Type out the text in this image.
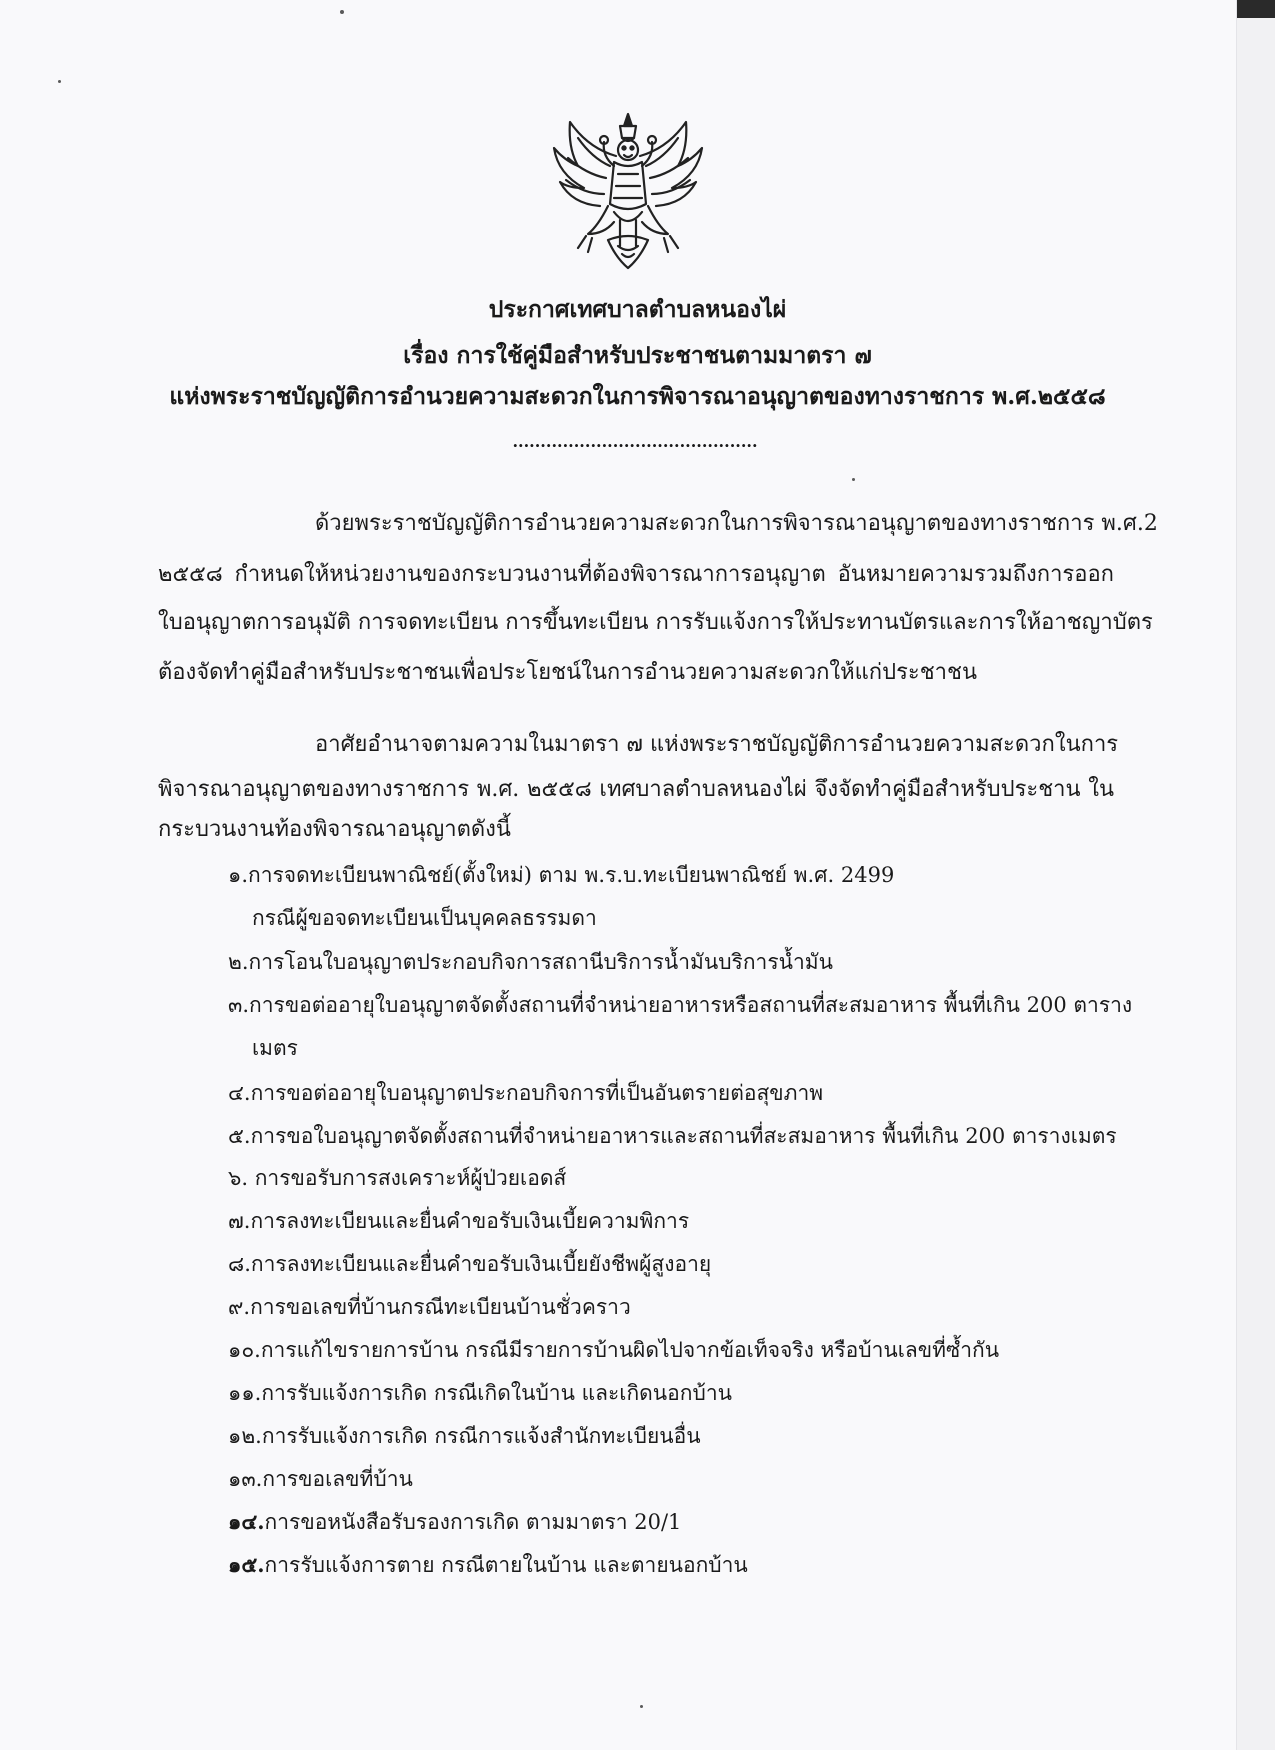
ประกาศเทศบาลตำบลหนองไผ่
เรื่อง การใช้คู่มือสำหรับประชาชนตามมาตรา ๗
แห่งพระราชบัญญัติการอำนวยความสะดวกในการพิจารณาอนุญาตของทางราชการ พ.ศ.๒๕๕๘
............................................
ด้วยพระราชบัญญัติการอำนวยความสะดวกในการพิจารณาอนุญาตของทางราชการ พ.ศ.2
๒๕๕๘ กำหนดให้หน่วยงานของกระบวนงานที่ต้องพิจารณาการอนุญาต อันหมายความรวมถึงการออก
ใบอนุญาตการอนุมัติ การจดทะเบียน การขึ้นทะเบียน การรับแจ้งการให้ประทานบัตรและการให้อาชญาบัตร
ต้องจัดทำคู่มือสำหรับประชาชนเพื่อประโยชน์ในการอำนวยความสะดวกให้แก่ประชาชน
อาศัยอำนาจตามความในมาตรา ๗ แห่งพระราชบัญญัติการอำนวยความสะดวกในการ
พิจารณาอนุญาตของทางราชการ พ.ศ. ๒๕๕๘ เทศบาลตำบลหนองไผ่ จึงจัดทำคู่มือสำหรับประชาน ใน
กระบวนงานท้องพิจารณาอนุญาตดังนี้
๑.การจดทะเบียนพาณิชย์(ตั้งใหม่) ตาม พ.ร.บ.ทะเบียนพาณิชย์ พ.ศ. 2499
กรณีผู้ขอจดทะเบียนเป็นบุคคลธรรมดา
๒.การโอนใบอนุญาตประกอบกิจการสถานีบริการน้ำมันบริการน้ำมัน
๓.การขอต่ออายุใบอนุญาตจัดตั้งสถานที่จำหน่ายอาหารหรือสถานที่สะสมอาหาร พื้นที่เกิน 200 ตาราง
เมตร
๔.การขอต่ออายุใบอนุญาตประกอบกิจการที่เป็นอันตรายต่อสุขภาพ
๕.การขอใบอนุญาตจัดตั้งสถานที่จำหน่ายอาหารและสถานที่สะสมอาหาร พื้นที่เกิน 200 ตารางเมตร
๖. การขอรับการสงเคราะห์ผู้ป่วยเอดส์
๗.การลงทะเบียนและยื่นคำขอรับเงินเบี้ยความพิการ
๘.การลงทะเบียนและยื่นคำขอรับเงินเบี้ยยังชีพผู้สูงอายุ
๙.การขอเลขที่บ้านกรณีทะเบียนบ้านชั่วคราว
๑๐.การแก้ไขรายการบ้าน กรณีมีรายการบ้านผิดไปจากข้อเท็จจริง หรือบ้านเลขที่ซ้ำกัน
๑๑.การรับแจ้งการเกิด กรณีเกิดในบ้าน และเกิดนอกบ้าน
๑๒.การรับแจ้งการเกิด กรณีการแจ้งสำนักทะเบียนอื่น
๑๓.การขอเลขที่บ้าน
๑๔.การขอหนังสือรับรองการเกิด ตามมาตรา 20/1
๑๕.การรับแจ้งการตาย กรณีตายในบ้าน และตายนอกบ้าน
